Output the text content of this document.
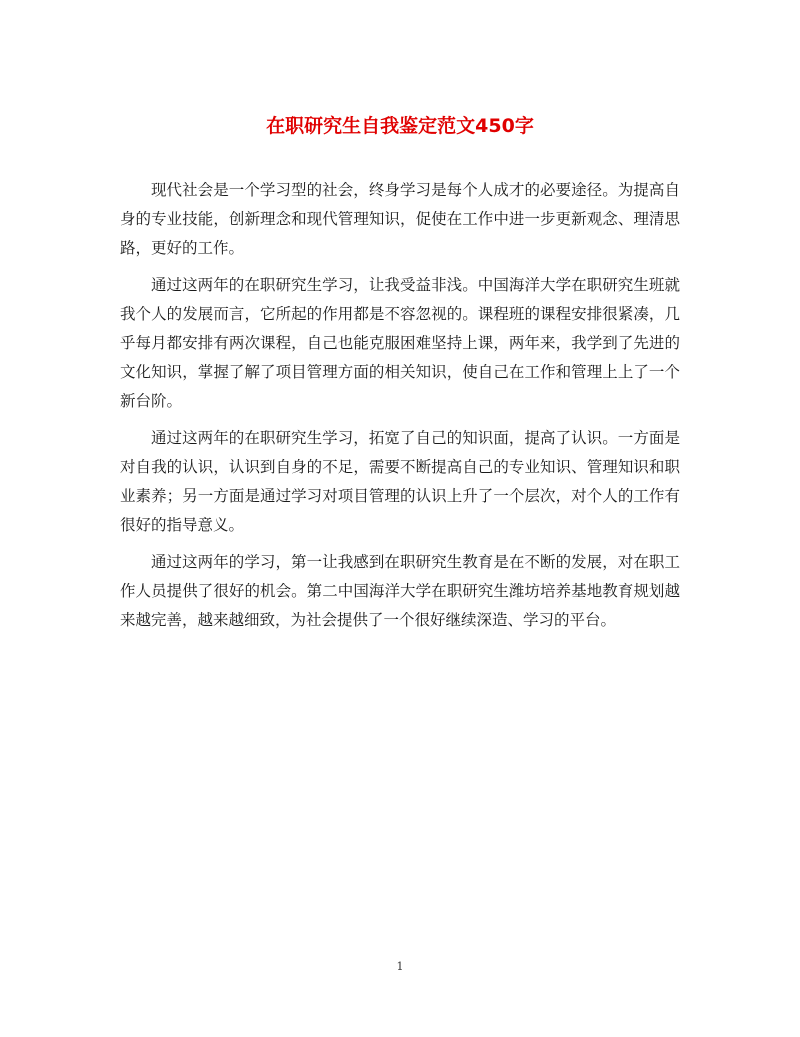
在职研究生自我鉴定范文450字

现代社会是一个学习型的社会，终身学习是每个人成才的必要途径。为提高自身的专业技能，创新理念和现代管理知识，促使在工作中进一步更新观念、理清思路，更好的工作。

通过这两年的在职研究生学习，让我受益非浅。中国海洋大学在职研究生班就我个人的发展而言，它所起的作用都是不容忽视的。课程班的课程安排很紧凑，几乎每月都安排有两次课程，自己也能克服困难坚持上课，两年来，我学到了先进的文化知识，掌握了解了项目管理方面的相关知识，使自己在工作和管理上上了一个新台阶。

通过这两年的在职研究生学习，拓宽了自己的知识面，提高了认识。一方面是对自我的认识，认识到自身的不足，需要不断提高自己的专业知识、管理知识和职业素养；另一方面是通过学习对项目管理的认识上升了一个层次，对个人的工作有很好的指导意义。

通过这两年的学习，第一让我感到在职研究生教育是在不断的发展，对在职工作人员提供了很好的机会。第二中国海洋大学在职研究生潍坊培养基地教育规划越来越完善，越来越细致，为社会提供了一个很好继续深造、学习的平台。

1
